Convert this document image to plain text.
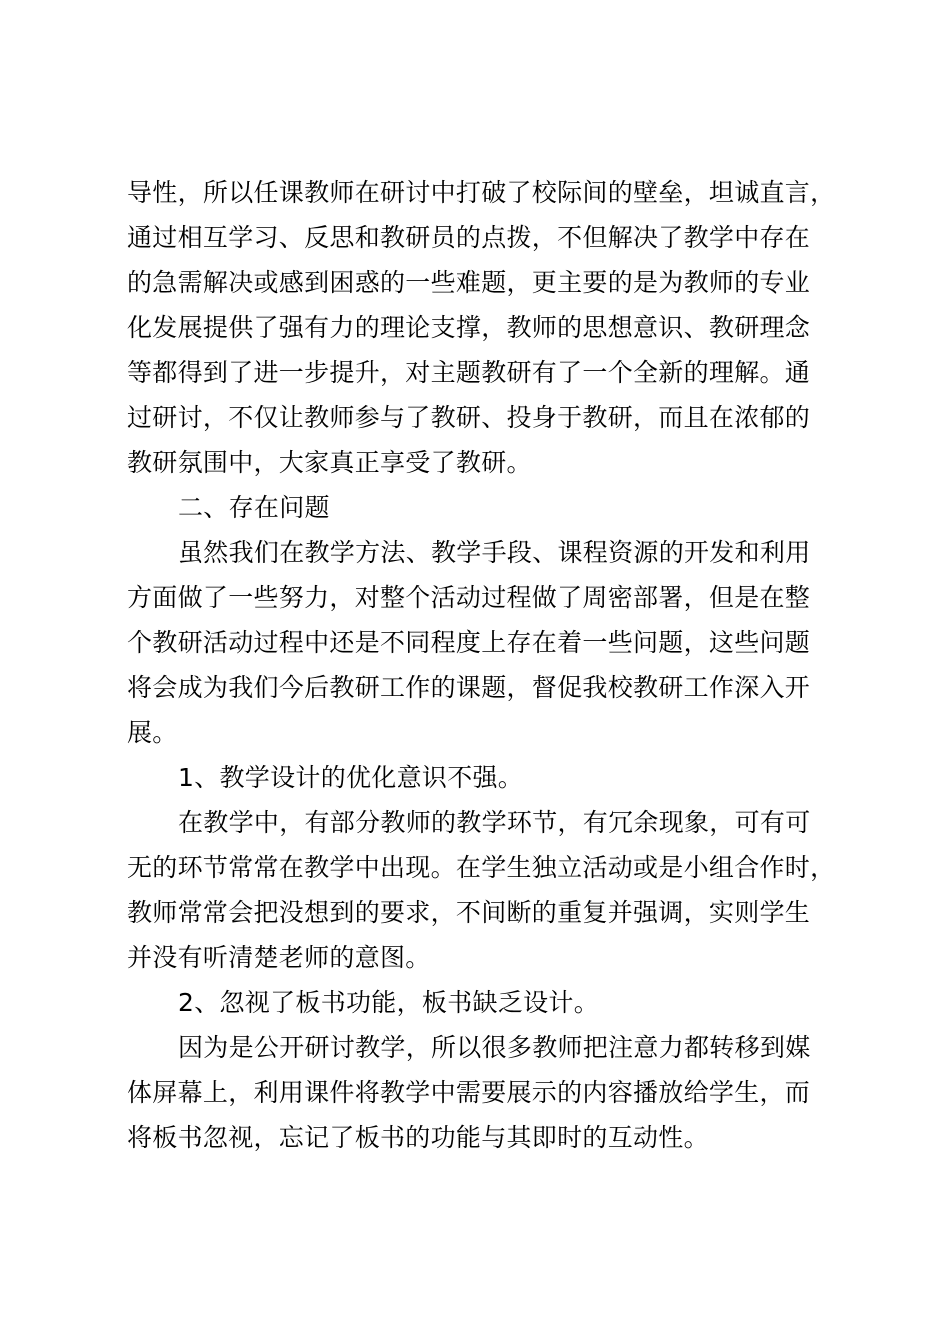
导性，所以任课教师在研讨中打破了校际间的壁垒，坦诚直言，
通过相互学习、反思和教研员的点拨，不但解决了教学中存在
的急需解决或感到困惑的一些难题，更主要的是为教师的专业
化发展提供了强有力的理论支撑，教师的思想意识、教研理念
等都得到了进一步提升，对主题教研有了一个全新的理解。通
过研讨，不仅让教师参与了教研、投身于教研，而且在浓郁的
教研氛围中，大家真正享受了教研。
二、存在问题
虽然我们在教学方法、教学手段、课程资源的开发和利用
方面做了一些努力，对整个活动过程做了周密部署，但是在整
个教研活动过程中还是不同程度上存在着一些问题，这些问题
将会成为我们今后教研工作的课题，督促我校教研工作深入开
展。
1、教学设计的优化意识不强。
在教学中，有部分教师的教学环节，有冗余现象，可有可
无的环节常常在教学中出现。在学生独立活动或是小组合作时，
教师常常会把没想到的要求，不间断的重复并强调，实则学生
并没有听清楚老师的意图。
2、忽视了板书功能，板书缺乏设计。
因为是公开研讨教学，所以很多教师把注意力都转移到媒
体屏幕上，利用课件将教学中需要展示的内容播放给学生，而
将板书忽视，忘记了板书的功能与其即时的互动性。
